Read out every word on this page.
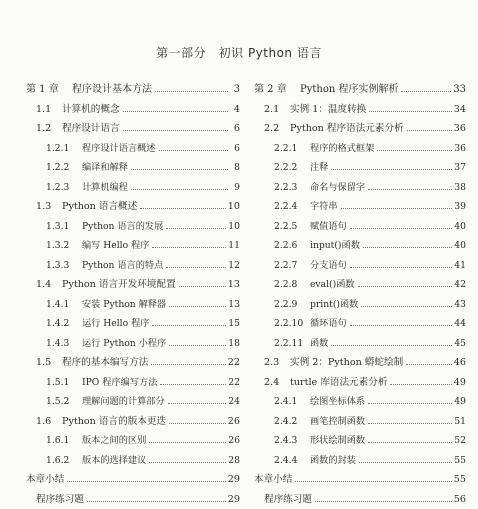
第一部分　初识 Python 语言
第 1 章	程序设计基本方法	3
1.1	计算机的概念	4
1.2	程序设计语言	6
1.2.1	程序设计语言概述	6
1.2.2	编译和解释	8
1.2.3	计算机编程	9
1.3	Python 语言概述	10
1.3.1	Python 语言的发展	10
1.3.2	编写 Hello 程序	11
1.3.3	Python 语言的特点	12
1.4	Python 语言开发环境配置	13
1.4.1	安装 Python 解释器	13
1.4.2	运行 Hello 程序	15
1.4.3	运行 Python 小程序	18
1.5	程序的基本编写方法	22
1.5.1	IPO 程序编写方法	22
1.5.2	理解问题的计算部分	24
1.6	Python 语言的版本更迭	26
1.6.1	版本之间的区别	26
1.6.2	版本的选择建议	28
本章小结	29
程序练习题	29
第 2 章	Python 程序实例解析	33
2.1	实例 1：温度转换	34
2.2	Python 程序语法元素分析	36
2.2.1	程序的格式框架	36
2.2.2	注释	37
2.2.3	命名与保留字	38
2.2.4	字符串	39
2.2.5	赋值语句	40
2.2.6	input()函数	40
2.2.7	分支语句	41
2.2.8	eval()函数	42
2.2.9	print()函数	43
2.2.10 循环语句	44
2.2.11 函数	45
2.3	实例 2：Python 蟒蛇绘制	46
2.4	turtle 库语法元素分析	49
2.4.1	绘图坐标体系	49
2.4.2	画笔控制函数	51
2.4.3	形状绘制函数	52
2.4.4	函数的封装	55
本章小结	55
程序练习题	56
